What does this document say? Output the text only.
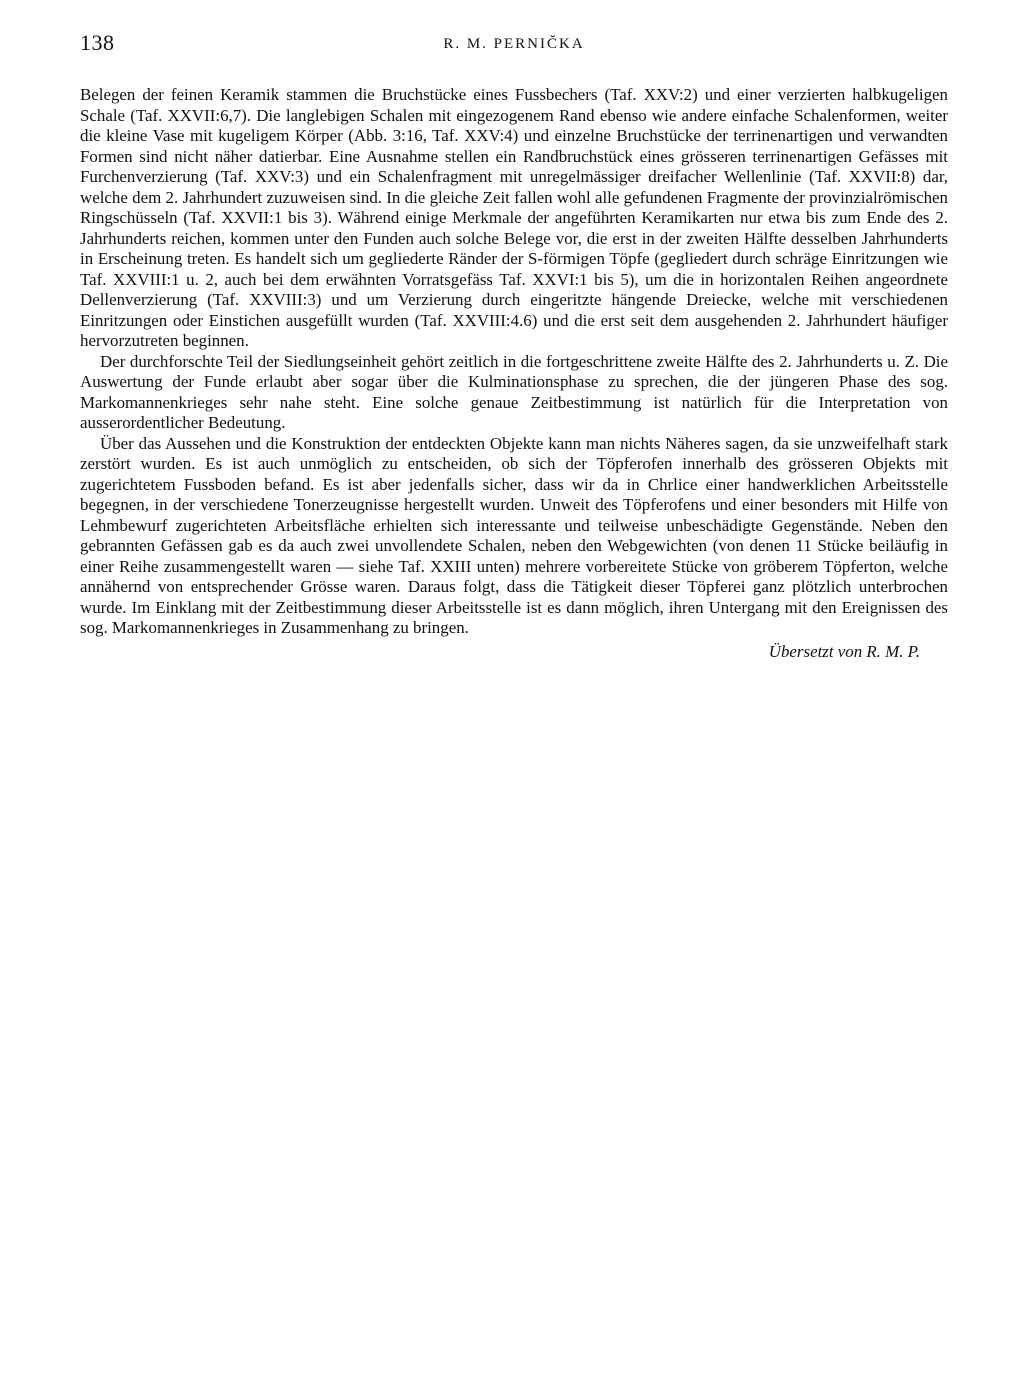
138	R. M. PERNIČKA

Belegen der feinen Keramik stammen die Bruchstücke eines Fussbechers (Taf. XXV:2) und einer verzierten halbkugeligen Schale (Taf. XXVII:6,7). Die langlebigen Schalen mit eingezogenem Rand ebenso wie andere einfache Schalenformen, weiter die kleine Vase mit kugeligem Körper (Abb. 3:16, Taf. XXV:4) und einzelne Bruchstücke der terrinenartigen und verwandten Formen sind nicht näher datierbar. Eine Ausnahme stellen ein Randbruchstück eines grösseren terrinenartigen Gefässes mit Furchenverzierung (Taf. XXV:3) und ein Schalenfragment mit unregelmässiger dreifacher Wellenlinie (Taf. XXVII:8) dar, welche dem 2. Jahrhundert zuzuweisen sind. In die gleiche Zeit fallen wohl alle gefundenen Fragmente der provinzialrömischen Ringschüsseln (Taf. XXVII:1 bis 3). Während einige Merkmale der angeführten Keramikarten nur etwa bis zum Ende des 2. Jahrhunderts reichen, kommen unter den Funden auch solche Belege vor, die erst in der zweiten Hälfte desselben Jahrhunderts in Erscheinung treten. Es handelt sich um gegliederte Ränder der S-förmigen Töpfe (gegliedert durch schräge Einritzungen wie Taf. XXVIII:1 u. 2, auch bei dem erwähnten Vorratsgefäss Taf. XXVI:1 bis 5), um die in horizontalen Reihen angeordnete Dellenverzierung (Taf. XXVIII:3) und um Verzierung durch eingeritzte hängende Dreiecke, welche mit verschiedenen Einritzungen oder Einstichen ausgefüllt wurden (Taf. XXVIII:4.6) und die erst seit dem ausgehenden 2. Jahrhundert häufiger hervorzutreten beginnen.

Der durchforschte Teil der Siedlungseinheit gehört zeitlich in die fortgeschrittene zweite Hälfte des 2. Jahrhunderts u. Z. Die Auswertung der Funde erlaubt aber sogar über die Kulminationsphase zu sprechen, die der jüngeren Phase des sog. Markomannenkrieges sehr nahe steht. Eine solche genaue Zeitbestimmung ist natürlich für die Interpretation von ausserordentlicher Bedeutung.

Über das Aussehen und die Konstruktion der entdeckten Objekte kann man nichts Näheres sagen, da sie unzweifelhaft stark zerstört wurden. Es ist auch unmöglich zu entscheiden, ob sich der Töpferofen innerhalb des grösseren Objekts mit zugerichtetem Fussboden befand. Es ist aber jedenfalls sicher, dass wir da in Chrlice einer handwerklichen Arbeitsstelle begegnen, in der verschiedene Tonerzeugnisse hergestellt wurden. Unweit des Töpferofens und einer besonders mit Hilfe von Lehmbewurf zugerichteten Arbeitsfläche erhielten sich interessante und teilweise unbeschädigte Gegenstände. Neben den gebrannten Gefässen gab es da auch zwei unvollendete Schalen, neben den Webgewichten (von denen 11 Stücke beiläufig in einer Reihe zusammengestellt waren — siehe Taf. XXIII unten) mehrere vorbereitete Stücke von gröberem Töpferton, welche annähernd von entsprechender Grösse waren. Daraus folgt, dass die Tätigkeit dieser Töpferei ganz plötzlich unterbrochen wurde. Im Einklang mit der Zeitbestimmung dieser Arbeitsstelle ist es dann möglich, ihren Untergang mit den Ereignissen des sog. Markomannenkrieges in Zusammenhang zu bringen.

Übersetzt von R. M. P.
